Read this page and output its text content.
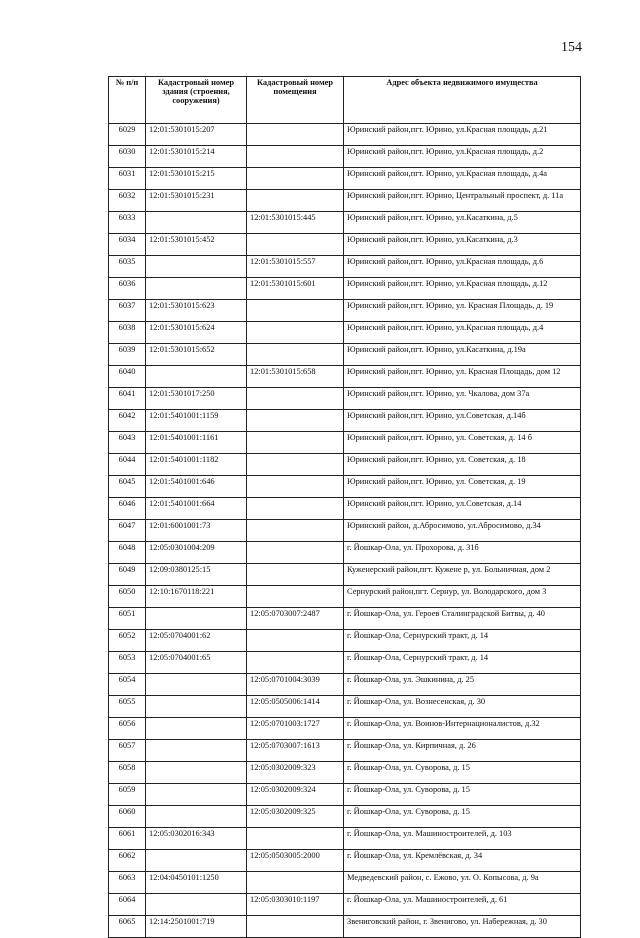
154
№ п/п	Кадастровый номер здания (строения, сооружения)	Кадастровый номер помещения	Адрес объекта недвижимого имущества
6029	12:01:5301015:207		Юринский район,пгт. Юрино, ул.Красная площадь, д.21
6030	12:01:5301015:214		Юринский район,пгт. Юрино, ул.Красная площадь, д.2
6031	12:01:5301015:215		Юринский район,пгт. Юрино, ул.Красная площадь, д.4а
6032	12:01:5301015:231		Юринский район,пгт. Юрино, Центральный проспект, д. 11а
6033		12:01:5301015:445	Юринский район,пгт. Юрино, ул.Касаткина, д.5
6034	12:01:5301015:452		Юринский район,пгт. Юрино, ул.Касаткина, д.3
6035		12:01:5301015:557	Юринский район,пгт. Юрино, ул.Красная площадь, д.6
6036		12:01:5301015:601	Юринский район,пгт. Юрино, ул.Красная площадь, д.12
6037	12:01:5301015:623		Юринский район,пгт. Юрино, ул. Красная Площадь, д. 19
6038	12:01:5301015:624		Юринский район,пгт. Юрино, ул.Красная площадь, д.4
6039	12:01:5301015:652		Юринский район,пгт. Юрино, ул.Касаткина, д.19а
6040		12:01:5301015:658	Юринский район,пгт. Юрино, ул. Красная Площадь, дом 12
6041	12:01:5301017:250		Юринский район,пгт. Юрино, ул. Чкалова, дом 37а
6042	12:01:5401001:1159		Юринский район,пгт. Юрино, ул.Советская, д.14б
6043	12:01:5401001:1161		Юринский район,пгт. Юрино, ул. Советская, д. 14 б
6044	12:01:5401001:1182		Юринский район,пгт. Юрино, ул. Советская, д. 18
6045	12:01:5401001:646		Юринский район,пгт. Юрино, ул. Советская, д. 19
6046	12:01:5401001:664		Юринский район,пгт. Юрино, ул.Советская, д.14
6047	12:01:6001001:73		Юринский район, д.Абросимово, ул.Абросимово, д.34
6048	12:05:0301004:209		г. Йошкар-Ола, ул. Прохорова, д. 31б
6049	12:09:0380125:15		Куженерский район,пгт. Кужене р, ул. Больничная, дом 2
6050	12:10:1670118:221		Сернурский район,пгт. Сернур, ул. Володарского, дом 3
6051		12:05:0703007:2487	г. Йошкар-Ола, ул. Героев Сталинградской Битвы, д. 40
6052	12:05:0704001:62		г. Йошкар-Ола, Сернурский тракт, д. 14
6053	12:05:0704001:65		г. Йошкар-Ола, Сернурский тракт, д. 14
6054		12:05:0701004:3039	г. Йошкар-Ола, ул. Эшкинина, д. 25
6055		12:05:0505006:1414	г. Йошкар-Ола, ул. Вознесенская, д. 30
6056		12:05:0701003:1727	г. Йошкар-Ола, ул. Воинов-Интернационалистов, д.32
6057		12:05:0703007:1613	г. Йошкар-Ола, ул. Кирпичная, д. 26
6058		12:05:0302009:323	г. Йошкар-Ола, ул. Суворова, д. 15
6059		12:05:0302009:324	г. Йошкар-Ола, ул. Суворова, д. 15
6060		12:05:0302009:325	г. Йошкар-Ола, ул. Суворова, д. 15
6061	12:05:0302016:343		г. Йошкар-Ола, ул. Машиностроителей, д. 103
6062		12:05:0503005:2000	г. Йошкар-Ола, ул. Кремлёвская, д. 34
6063	12:04:0450101:1250		Медведевский район, с. Ежово, ул. О. Копысова, д. 9а
6064		12:05:0303010:1197	г. Йошкар-Ола, ул. Машиностроителей, д. 61
6065	12:14:2501001:719		Звениговский район, г. Звенигово, ул. Набережная, д. 30
